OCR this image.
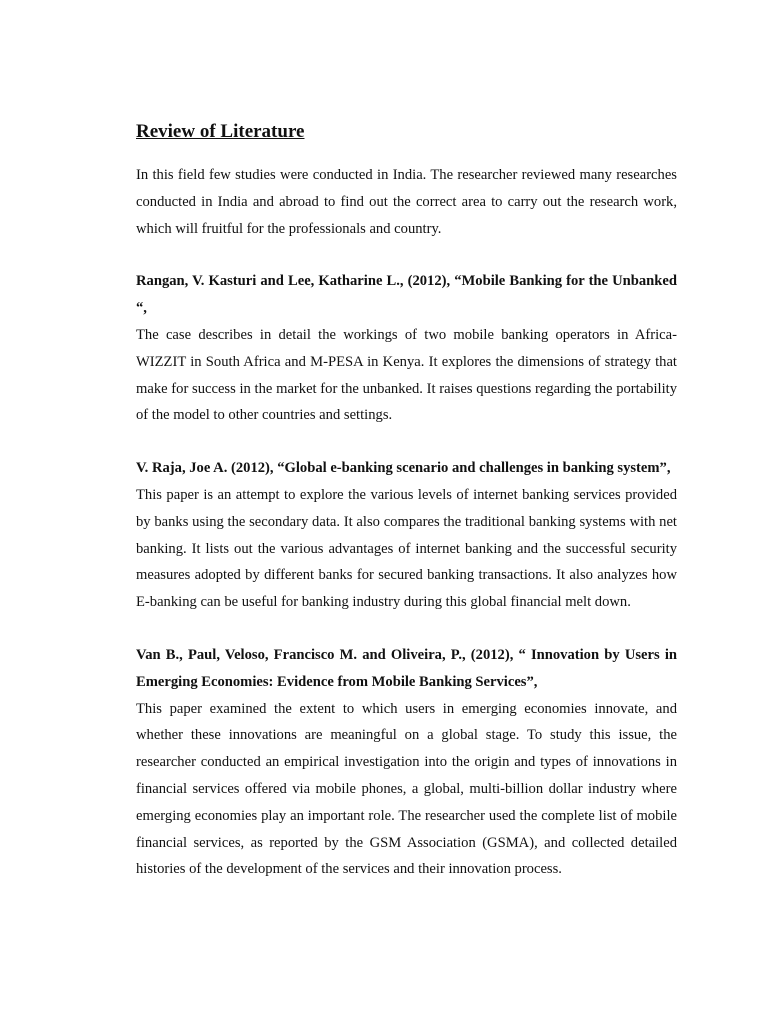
Review of Literature

In this field few studies were conducted in India. The researcher reviewed many researches conducted in India and abroad to find out the correct area to carry out the research work, which will fruitful for the professionals and country.

Rangan, V. Kasturi and Lee, Katharine L., (2012), “Mobile Banking for the Unbanked “,

The case describes in detail the workings of two mobile banking operators in Africa- WIZZIT in South Africa and M-PESA in Kenya. It explores the dimensions of strategy that make for success in the market for the unbanked. It raises questions regarding the portability of the model to other countries and settings.

V. Raja, Joe A. (2012), “Global e-banking scenario and challenges in banking system”,

This paper is an attempt to explore the various levels of internet banking services provided by banks using the secondary data. It also compares the traditional banking systems with net banking. It lists out the various advantages of internet banking and the successful security measures adopted by different banks for secured banking transactions. It also analyzes how E-banking can be useful for banking industry during this global financial melt down.

Van B., Paul, Veloso, Francisco M. and Oliveira, P., (2012), “ Innovation by Users in Emerging Economies: Evidence from Mobile Banking Services”,

This paper examined the extent to which users in emerging economies innovate, and whether these innovations are meaningful on a global stage. To study this issue, the researcher conducted an empirical investigation into the origin and types of innovations in financial services offered via mobile phones, a global, multi-billion dollar industry where emerging economies play an important role. The researcher used the complete list of mobile financial services, as reported by the GSM Association (GSMA), and collected detailed histories of the development of the services and their innovation process.
